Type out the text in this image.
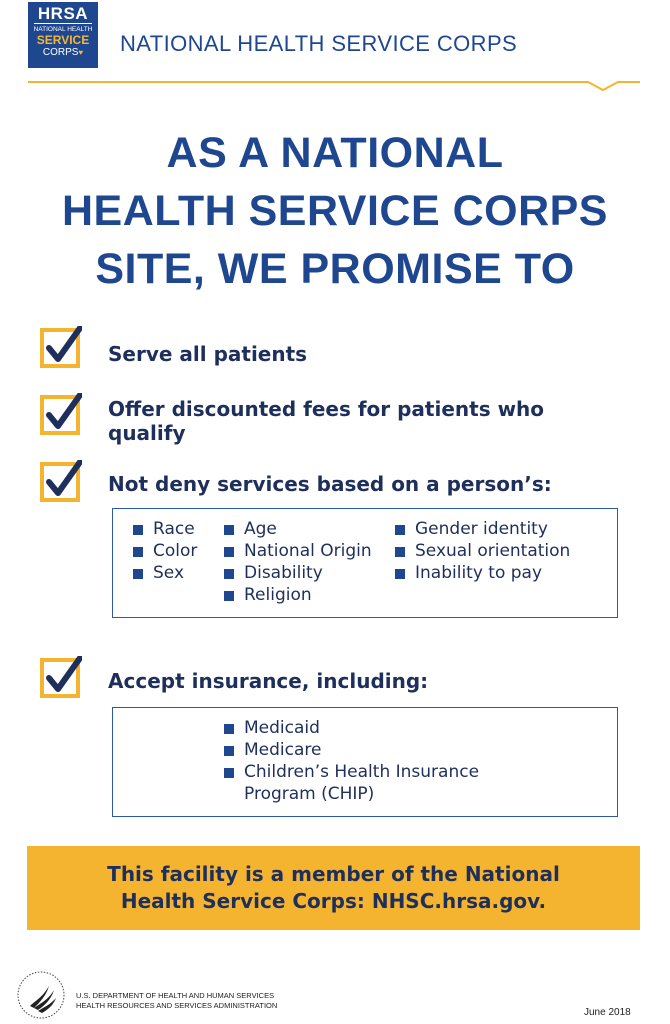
HRSA
NATIONAL HEALTH
SERVICE
CORPS♥	NATIONAL HEALTH SERVICE CORPS
AS A NATIONAL
HEALTH SERVICE CORPS
SITE, WE PROMISE TO
Serve all patients
Offer discounted fees for patients who
qualify
Not deny services based on a person’s:
Race
Color
Sex
Age
National Origin
Disability
Religion
Gender identity
Sexual orientation
Inability to pay
Accept insurance, including:
Medicaid
Medicare
Children’s Health Insurance
Program (CHIP)
This facility is a member of the National
Health Service Corps: NHSC.hrsa.gov.
U.S. DEPARTMENT OF HEALTH AND HUMAN SERVICES
HEALTH RESOURCES AND SERVICES ADMINISTRATION
June 2018
